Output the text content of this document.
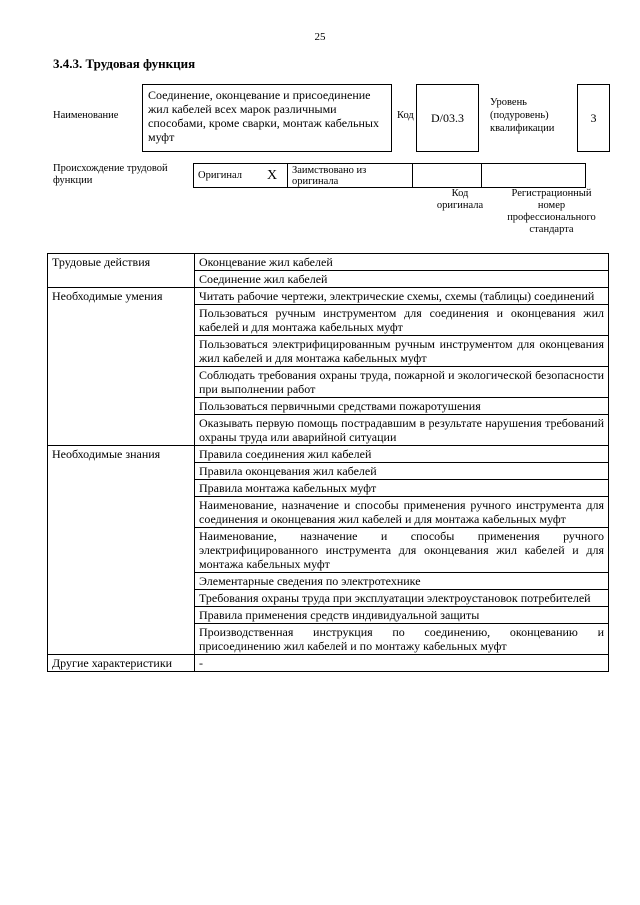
25
3.4.3. Трудовая функция
Наименование
Соединение, оконцевание и присоединение жил кабелей всех марок различными способами, кроме сварки, монтаж кабельных муфт
Код D/03.3
Уровень (подуровень) квалификации
3
Происхождение трудовой функции	Оригинал	X	Заимствовано из оригинала		
Код оригинала
Регистрационный номер профессионального стандарта
Трудовые действия	Оконцевание жил кабелей
	Соединение жил кабелей
Необходимые умения	Читать рабочие чертежи, электрические схемы, схемы (таблицы) соединений
	Пользоваться ручным инструментом для соединения и оконцевания жил кабелей и для монтажа кабельных муфт
	Пользоваться электрифицированным ручным инструментом для оконцевания жил кабелей и для монтажа кабельных муфт
	Соблюдать требования охраны труда, пожарной и экологической безопасности при выполнении работ
	Пользоваться первичными средствами пожаротушения
	Оказывать первую помощь пострадавшим в результате нарушения требований охраны труда или аварийной ситуации
Необходимые знания	Правила соединения жил кабелей
	Правила оконцевания жил кабелей
	Правила монтажа кабельных муфт
	Наименование, назначение и способы применения ручного инструмента для соединения и оконцевания жил кабелей и для монтажа кабельных муфт
	Наименование, назначение и способы применения ручного электрифицированного инструмента для оконцевания жил кабелей и для монтажа кабельных муфт
	Элементарные сведения по электротехнике
	Требования охраны труда при эксплуатации электроустановок потребителей
	Правила применения средств индивидуальной защиты
	Производственная инструкция по соединению, оконцеванию и присоединению жил кабелей и по монтажу кабельных муфт
Другие характеристики	-
